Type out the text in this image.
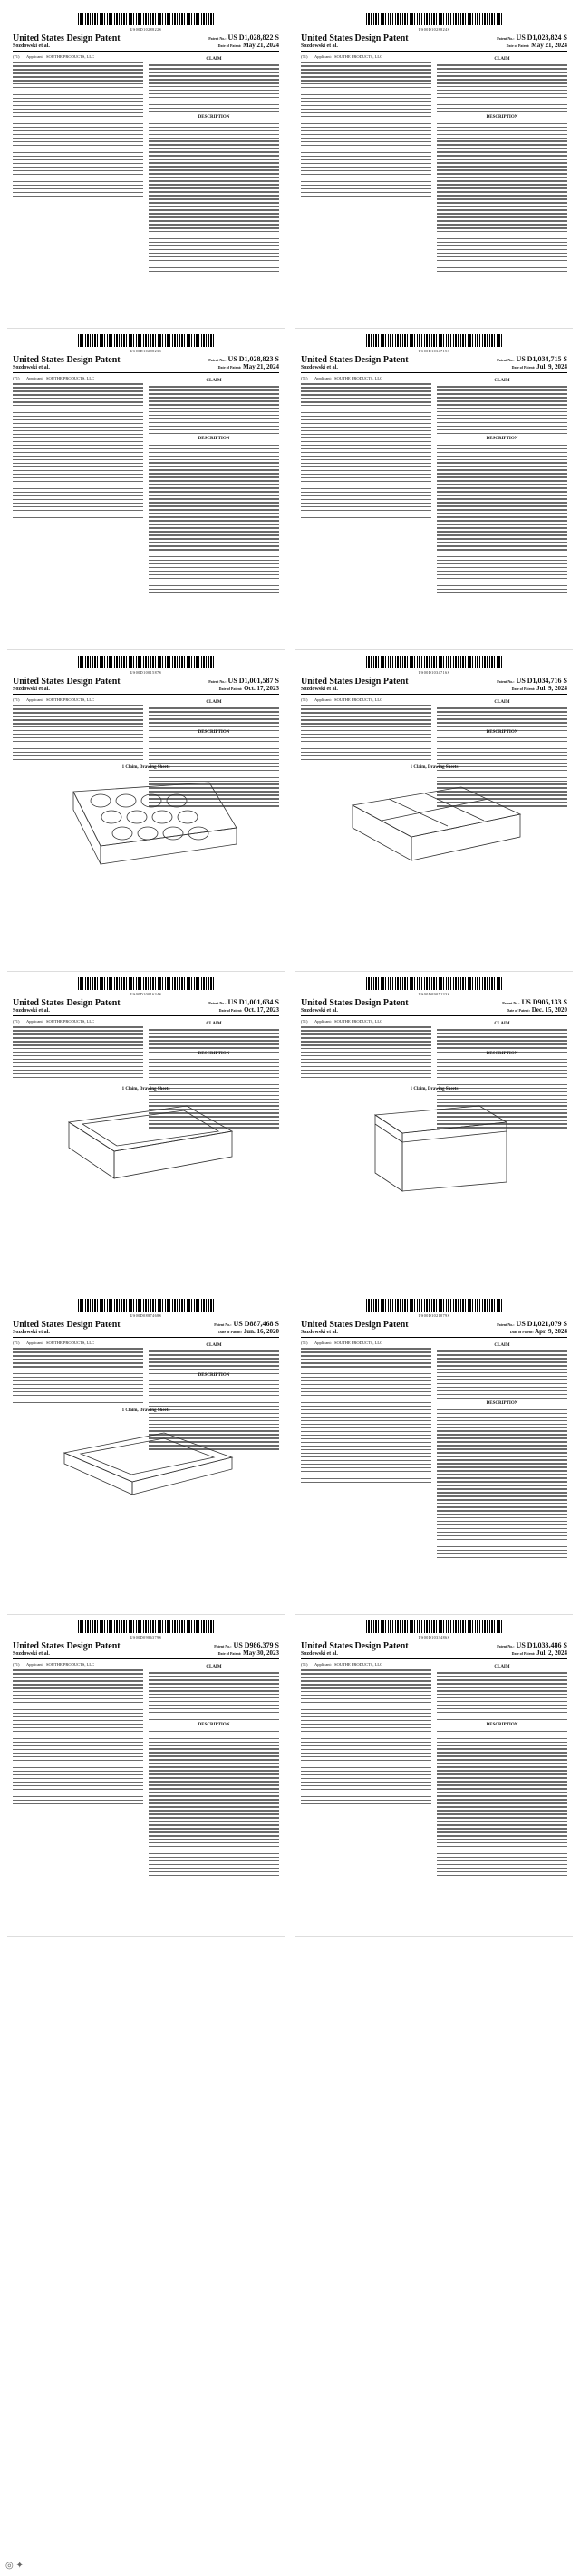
US00D1028822S
United States Design Patent
Sozdowski et al.
Patent No.: US D1,028,822 S
Date of Patent: May 21, 2024
(71)	Applicant: SOUTHE PRODUCTS, LLC
CLAIM
DESCRIPTION
US00D1028824S
United States Design Patent
Sozdowski et al.
Patent No.: US D1,028,824 S
Date of Patent: May 21, 2024
(71)	Applicant: SOUTHE PRODUCTS, LLC
CLAIM
DESCRIPTION
US00D1028823S
United States Design Patent
Sozdowski et al.
Patent No.: US D1,028,823 S
Date of Patent: May 21, 2024
(71)	Applicant: SOUTHE PRODUCTS, LLC
CLAIM
DESCRIPTION
US00D1034715S
United States Design Patent
Sozdowski et al.
Patent No.: US D1,034,715 S
Date of Patent: Jul. 9, 2024
(71)	Applicant: SOUTHE PRODUCTS, LLC
CLAIM
DESCRIPTION
US00D1001587S
United States Design Patent
Sozdowski et al.
Patent No.: US D1,001,587 S
Date of Patent: Oct. 17, 2023
(71)	Applicant: SOUTHE PRODUCTS, LLC
CLAIM
DESCRIPTION
1 Claim, Drawing Sheets
US00D1034716S
United States Design Patent
Sozdowski et al.
Patent No.: US D1,034,716 S
Date of Patent: Jul. 9, 2024
(71)	Applicant: SOUTHE PRODUCTS, LLC
CLAIM
DESCRIPTION
1 Claim, Drawing Sheets
US00D1001634S
United States Design Patent
Sozdowski et al.
Patent No.: US D1,001,634 S
Date of Patent: Oct. 17, 2023
(71)	Applicant: SOUTHE PRODUCTS, LLC
CLAIM
DESCRIPTION
1 Claim, Drawing Sheets
US00D0905133S
United States Design Patent
Sozdowski et al.
Patent No.: US D905,133 S
Date of Patent: Dec. 15, 2020
(71)	Applicant: SOUTHE PRODUCTS, LLC
CLAIM
DESCRIPTION
1 Claim, Drawing Sheets
US00D0887468S
United States Design Patent
Sozdowski et al.
Patent No.: US D887,468 S
Date of Patent: Jun. 16, 2020
(71)	Applicant: SOUTHE PRODUCTS, LLC
CLAIM
DESCRIPTION
1 Claim, Drawing Sheets
US00D1021079S
United States Design Patent
Sozdowski et al.
Patent No.: US D1,021,079 S
Date of Patent: Apr. 9, 2024
(71)	Applicant: SOUTHE PRODUCTS, LLC
CLAIM
DESCRIPTION
US00D0986379S
United States Design Patent
Sozdowski et al.
Patent No.: US D986,379 S
Date of Patent: May 30, 2023
(71)	Applicant: SOUTHE PRODUCTS, LLC
CLAIM
DESCRIPTION
US00D1033486S
United States Design Patent
Sozdowski et al.
Patent No.: US D1,033,486 S
Date of Patent: Jul. 2, 2024
(71)	Applicant: SOUTHE PRODUCTS, LLC
CLAIM
DESCRIPTION
◎ ✦
